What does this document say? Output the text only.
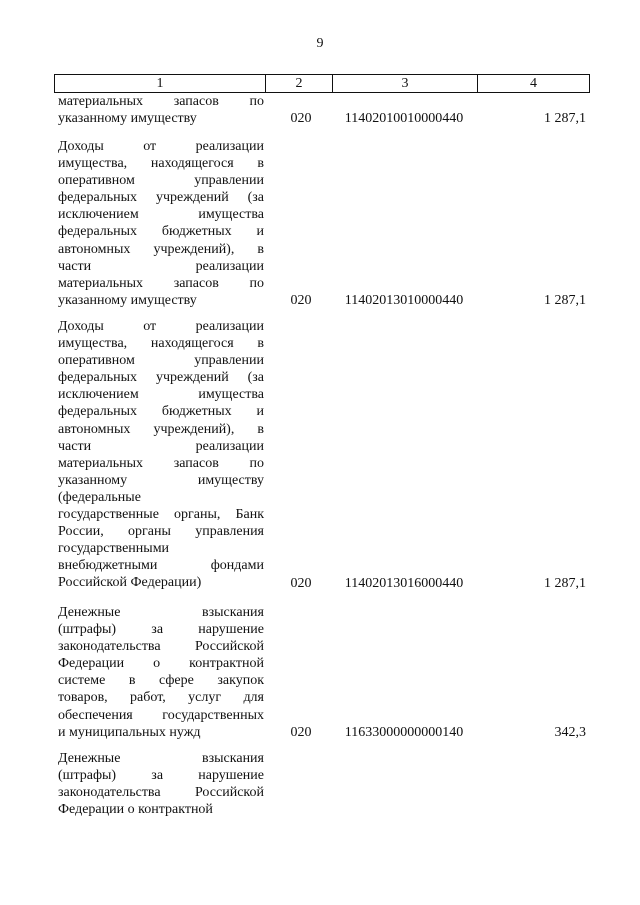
9
1	2	3	4
материальных запасов по
указанному имуществу	020	11402010010000440	1 287,1
Доходы от реализации
имущества, находящегося в
оперативном управлении
федеральных учреждений (за
исключением имущества
федеральных бюджетных и
автономных учреждений), в
части реализации
материальных запасов по
указанному имуществу	020	11402013010000440	1 287,1
Доходы от реализации
имущества, находящегося в
оперативном управлении
федеральных учреждений (за
исключением имущества
федеральных бюджетных и
автономных учреждений), в
части реализации
материальных запасов по
указанному имуществу
(федеральные
государственные органы, Банк
России, органы управления
государственными
внебюджетными фондами
Российской Федерации)	020	11402013016000440	1 287,1
Денежные взыскания
(штрафы) за нарушение
законодательства Российской
Федерации о контрактной
системе в сфере закупок
товаров, работ, услуг для
обеспечения государственных
и муниципальных нужд	020	11633000000000140	342,3
Денежные взыскания
(штрафы) за нарушение
законодательства Российской
Федерации о контрактной
